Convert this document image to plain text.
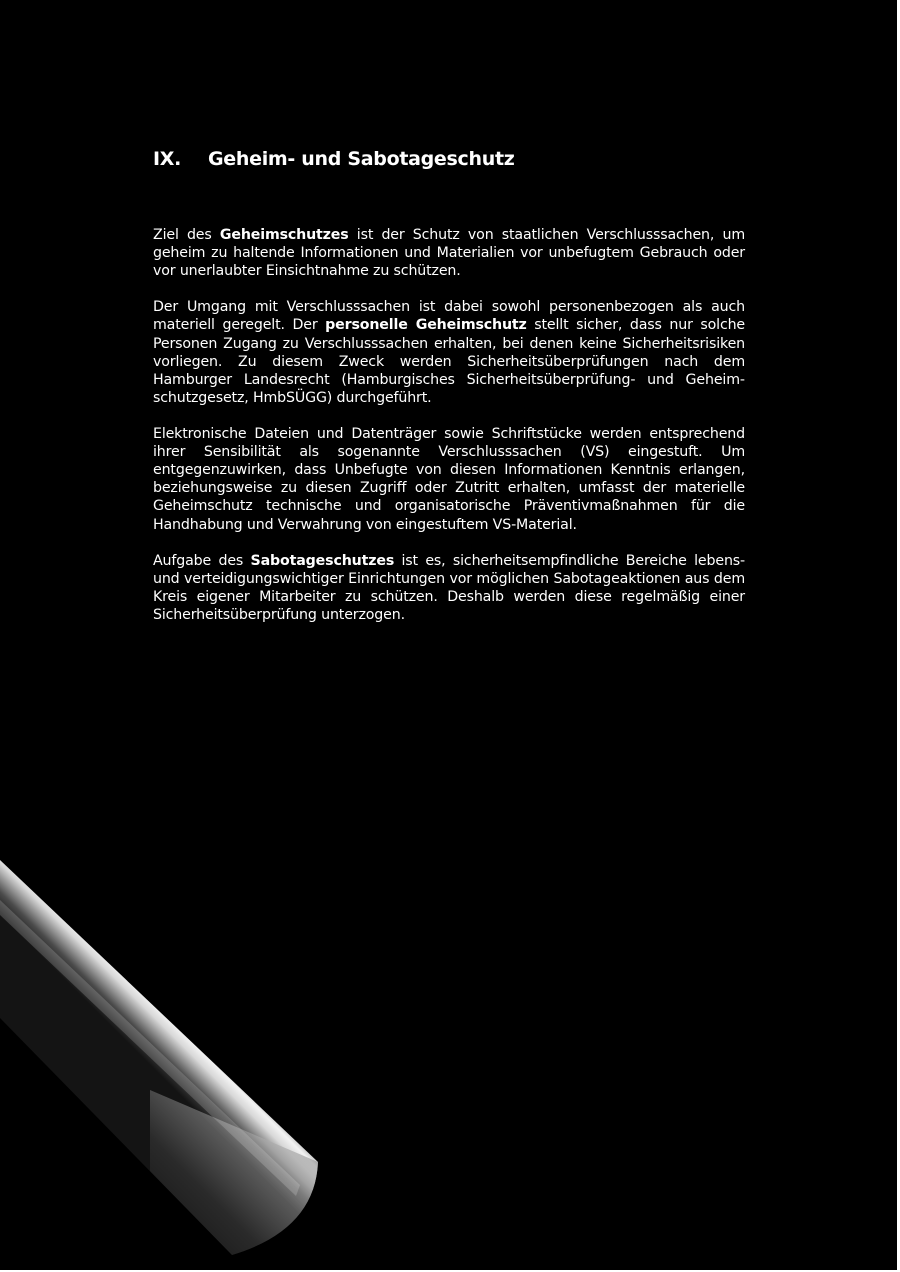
IX. Geheim- und Sabotageschutz

Ziel des Geheimschutzes ist der Schutz von staatlichen Verschlusssachen, um geheim zu haltende Informationen und Materialien vor unbefugtem Gebrauch oder vor unerlaubter Einsichtnahme zu schützen.

Der Umgang mit Verschlusssachen ist dabei sowohl personenbezogen als auch materiell geregelt. Der personelle Geheimschutz stellt sicher, dass nur solche Personen Zugang zu Verschlusssachen erhalten, bei denen keine Sicherheitsrisiken vorliegen. Zu diesem Zweck werden Sicherheitsüberprüfungen nach dem Hamburger Landesrecht (Hamburgisches Sicherheitsüberprüfung- und Geheimschutzgesetz, HmbSÜGG) durchgeführt.

Elektronische Dateien und Datenträger sowie Schriftstücke werden entsprechend ihrer Sensibilität als sogenannte Verschlusssachen (VS) eingestuft. Um entgegenzuwirken, dass Unbefugte von diesen Informationen Kenntnis erlangen, beziehungsweise zu diesen Zugriff oder Zutritt erhalten, umfasst der materielle Geheimschutz technische und organisatorische Präventivmaßnahmen für die Handhabung und Verwahrung von eingestuftem VS-Material.

Aufgabe des Sabotageschutzes ist es, sicherheitsempfindliche Bereiche lebens- und verteidigungswichtiger Einrichtungen vor möglichen Sabotageaktionen aus dem Kreis eigener Mitarbeiter zu schützen. Deshalb werden diese regelmäßig einer Sicherheitsüberprüfung unterzogen.
